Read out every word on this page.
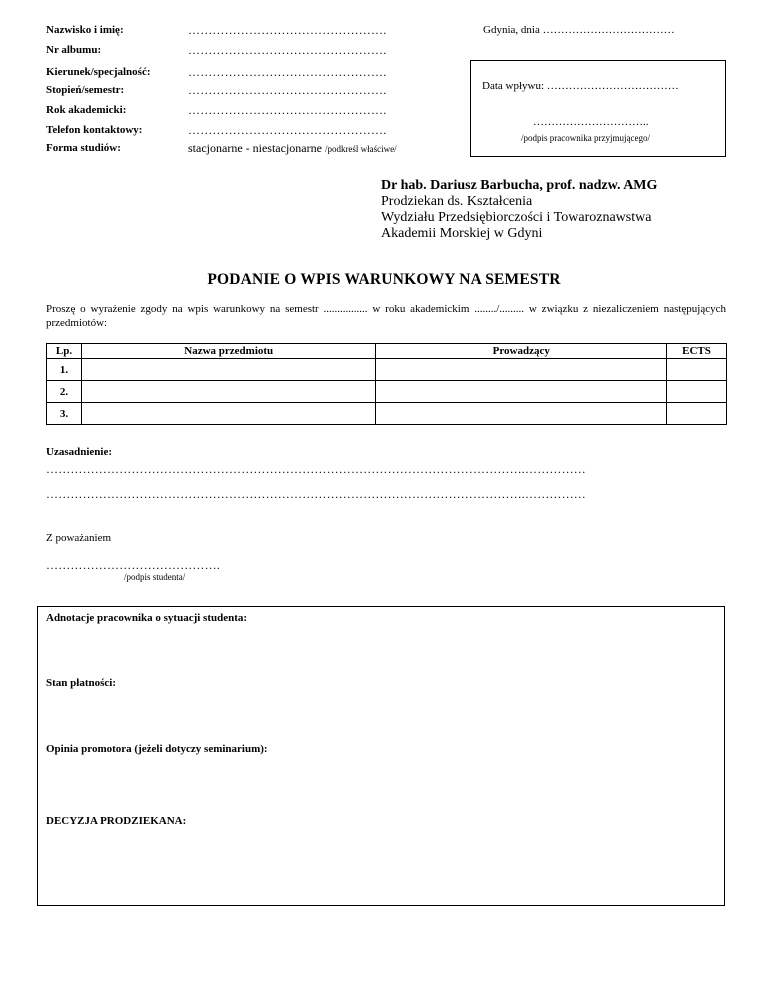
Nazwisko i imię:	………………………………………….
Nr albumu:	………………………………………….
Kierunek/specjalność:	………………………………………….
Stopień/semestr:	………………………………………….
Rok akademicki:	………………………………………….
Telefon kontaktowy:	………………………………………….
Forma studiów:	stacjonarne - niestacjonarne /podkreśl właściwe/
Gdynia, dnia ………………………………
Data wpływu: ………………………………
…………………………..
/podpis pracownika przyjmującego/
Dr hab. Dariusz Barbucha, prof. nadzw. AMG
Prodziekan ds. Kształcenia
Wydziału Przedsiębiorczości i Towaroznawstwa
Akademii Morskiej w Gdyni
PODANIE O WPIS WARUNKOWY NA SEMESTR
Proszę o wyrażenie zgody na wpis warunkowy na semestr ................ w roku akademickim ......../......... w związku z niezaliczeniem następujących przedmiotów:
Lp.	Nazwa przedmiotu	Prowadzący	ECTS
1.			
2.			
3.			
Uzasadnienie:
……………………………………………………………………………………………………….……………
……………………………………………………………………………………………………….……………
Z poważaniem
…………………………………….
/podpis studenta/
Adnotacje pracownika o sytuacji studenta:
Stan płatności:
Opinia promotora (jeżeli dotyczy seminarium):
DECYZJA PRODZIEKANA:
